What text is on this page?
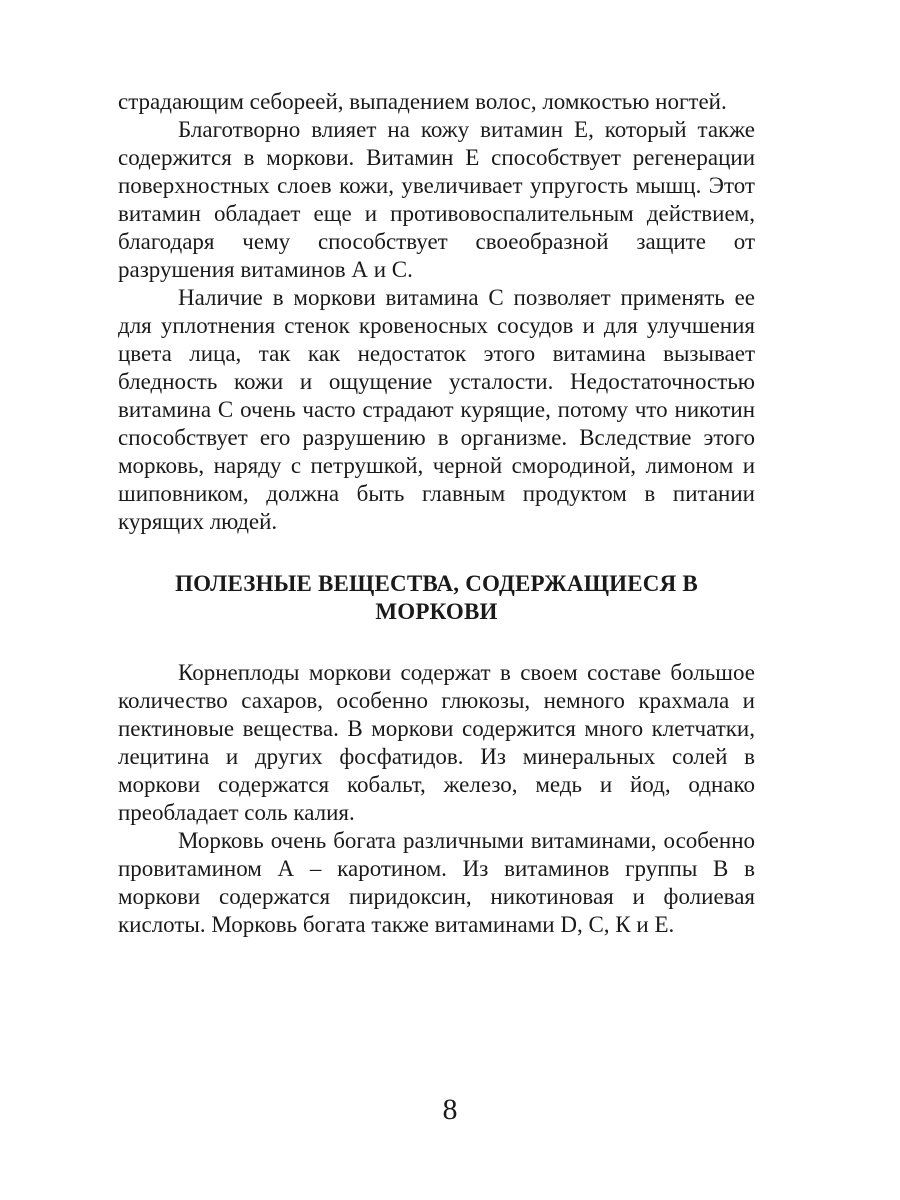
страдающим себореей, выпадением волос, ломкостью ногтей.

Благотворно влияет на кожу витамин Е, который также содержится в моркови. Витамин Е способствует регенерации поверхностных слоев кожи, увеличивает упругость мышц. Этот витамин обладает еще и противовоспалительным действием, благодаря чему способствует своеобразной защите от разрушения витаминов А и С.

Наличие в моркови витамина С позволяет применять ее для уплотнения стенок кровеносных сосудов и для улучшения цвета лица, так как недостаток этого витамина вызывает бледность кожи и ощущение усталости. Недостаточностью витамина С очень часто страдают курящие, потому что никотин способствует его разрушению в организме. Вследствие этого морковь, наряду с петрушкой, черной смородиной, лимоном и шиповником, должна быть главным продуктом в питании курящих людей.

ПОЛЕЗНЫЕ ВЕЩЕСТВА, СОДЕРЖАЩИЕСЯ В МОРКОВИ

Корнеплоды моркови содержат в своем составе большое количество сахаров, особенно глюкозы, немного крахмала и пектиновые вещества. В моркови содержится много клетчатки, лецитина и других фосфатидов. Из минеральных солей в моркови содержатся кобальт, железо, медь и йод, однако преобладает соль калия.

Морковь очень богата различными витаминами, особенно провитамином А – каротином. Из витаминов группы В в моркови содержатся пиридоксин, никотиновая и фолиевая кислоты. Морковь богата также витаминами D, С, К и Е.

8
